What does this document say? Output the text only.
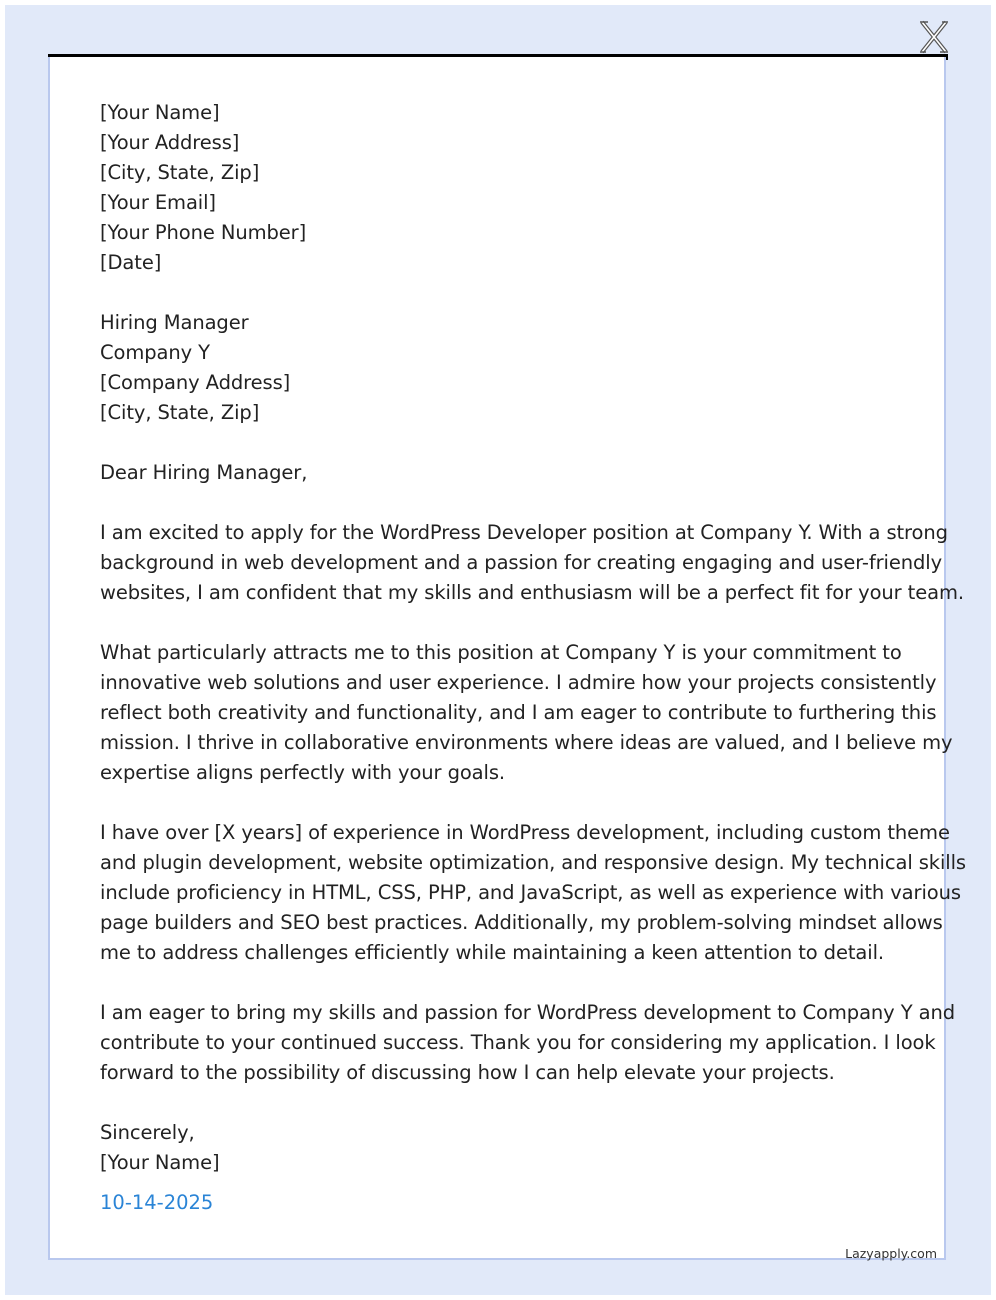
[Your Name]
[Your Address]
[City, State, Zip]
[Your Email]
[Your Phone Number]
[Date]
Hiring Manager
Company Y
[Company Address]
[City, State, Zip]
Dear Hiring Manager,
I am excited to apply for the WordPress Developer position at Company Y. With a strong
background in web development and a passion for creating engaging and user-friendly
websites, I am confident that my skills and enthusiasm will be a perfect fit for your team.
What particularly attracts me to this position at Company Y is your commitment to
innovative web solutions and user experience. I admire how your projects consistently
reflect both creativity and functionality, and I am eager to contribute to furthering this
mission. I thrive in collaborative environments where ideas are valued, and I believe my
expertise aligns perfectly with your goals.
I have over [X years] of experience in WordPress development, including custom theme
and plugin development, website optimization, and responsive design. My technical skills
include proficiency in HTML, CSS, PHP, and JavaScript, as well as experience with various
page builders and SEO best practices. Additionally, my problem-solving mindset allows
me to address challenges efficiently while maintaining a keen attention to detail.
I am eager to bring my skills and passion for WordPress development to Company Y and
contribute to your continued success. Thank you for considering my application. I look
forward to the possibility of discussing how I can help elevate your projects.
Sincerely,
[Your Name]
10-14-2025
Lazyapply.com
